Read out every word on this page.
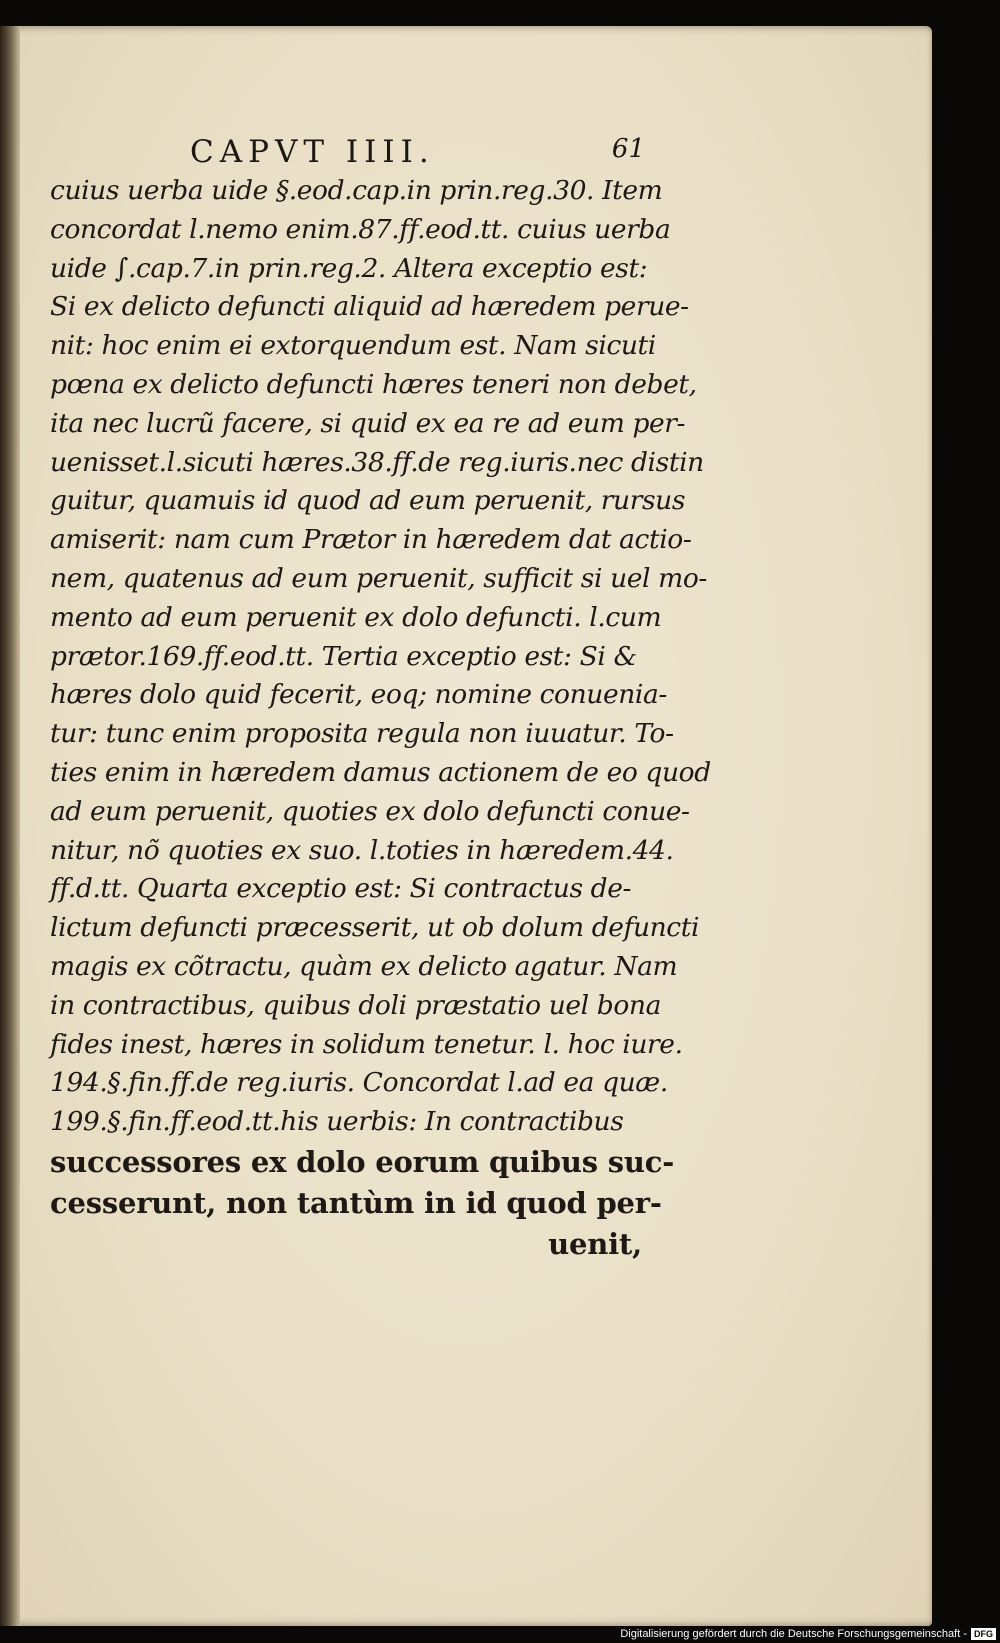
CAPVT IIII.	61
cuius uerba uide §.eod.cap.in prin.reg.30. Item
concordat l.nemo enim.87.ff.eod.tt. cuius uerba
uide ∫.cap.7.in prin.reg.2. Altera exceptio est:
Si ex delicto defuncti aliquid ad hæredem perue-
nit: hoc enim ei extorquendum est. Nam sicuti
pœna ex delicto defuncti hæres teneri non debet,
ita nec lucrũ facere, si quid ex ea re ad eum per-
uenisset.l.sicuti hæres.38.ff.de reg.iuris.nec distin
guitur, quamuis id quod ad eum peruenit, rursus
amiserit: nam cum Prætor in hæredem dat actio-
nem, quatenus ad eum peruenit, sufficit si uel mo-
mento ad eum peruenit ex dolo defuncti. l.cum
prætor.169.ff.eod.tt. Tertia exceptio est: Si &
hæres dolo quid fecerit, eoq; nomine conuenia-
tur: tunc enim proposita regula non iuuatur. To-
ties enim in hæredem damus actionem de eo quod
ad eum peruenit, quoties ex dolo defuncti conue-
nitur, nõ quoties ex suo. l.toties in hæredem.44.
ff.d.tt. Quarta exceptio est: Si contractus de-
lictum defuncti præcesserit, ut ob dolum defuncti
magis ex cõtractu, quàm ex delicto agatur. Nam
in contractibus, quibus doli præstatio uel bona
fides inest, hæres in solidum tenetur. l. hoc iure.
194.§.fin.ff.de reg.iuris. Concordat l.ad ea quæ.
199.§.fin.ff.eod.tt.his uerbis: In contractibus
successores ex dolo eorum quibus suc-
cesserunt, non tantùm in id quod per-
uenit,
Digitalisierung gefördert durch die Deutsche Forschungsgemeinschaft - DFG
